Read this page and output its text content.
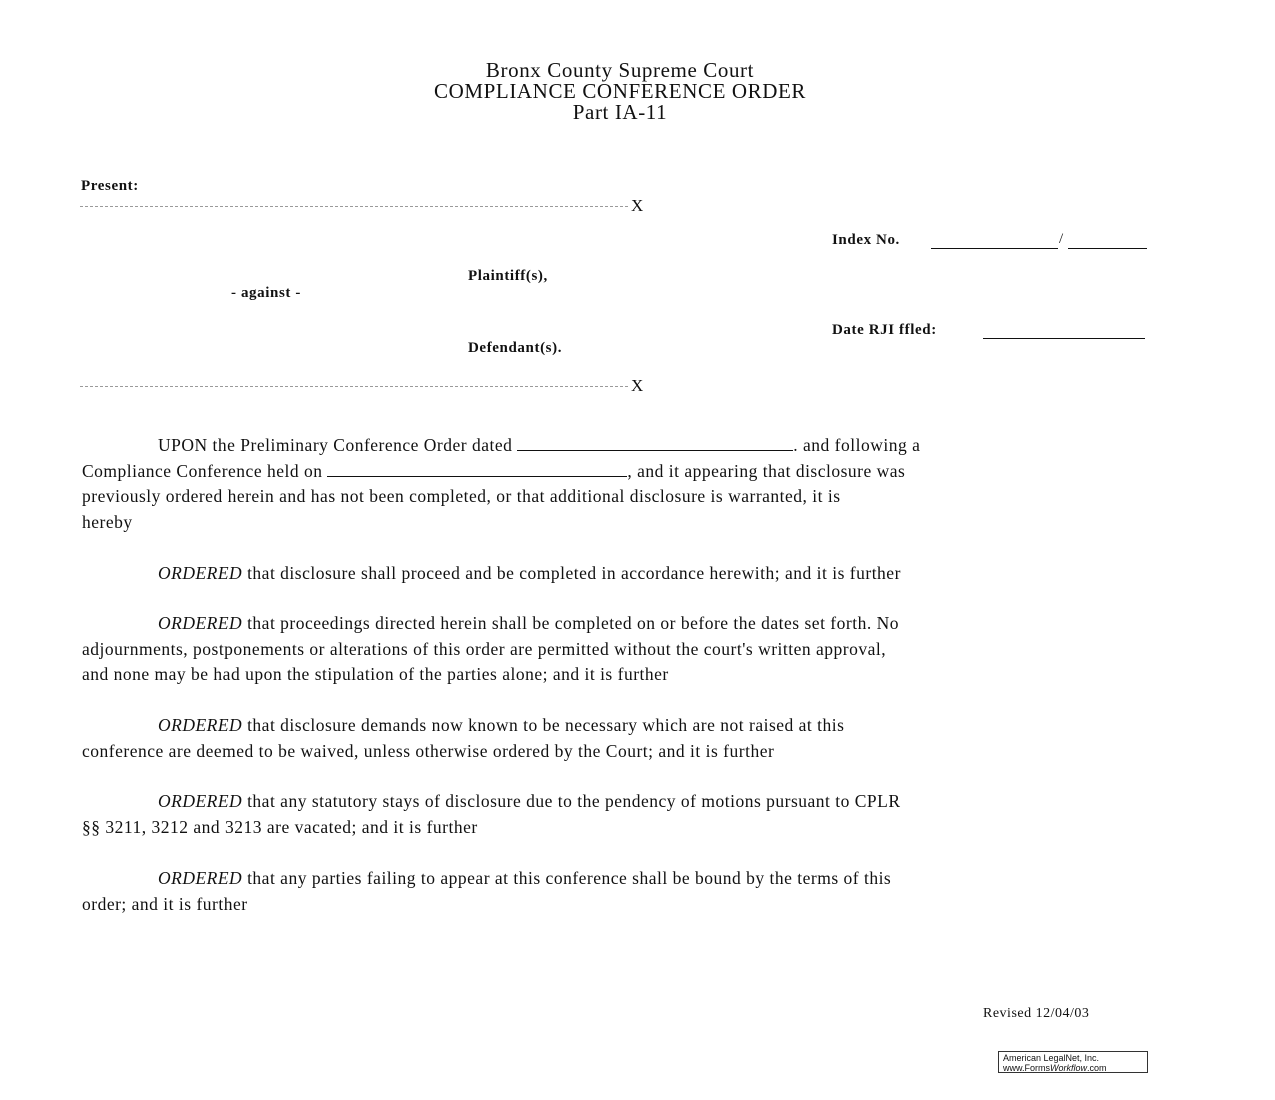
Bronx County Supreme Court
COMPLIANCE CONFERENCE ORDER
Part IA-11
Present:
X
Index No.	/
Plaintiff(s),
- against -
Date RJI ffled:
Defendant(s).
X
UPON the Preliminary Conference Order dated	. and following a
Compliance Conference held on	, and it appearing that disclosure was
previously ordered herein and has not been completed, or that additional disclosure is warranted, it is
hereby
ORDERED that disclosure shall proceed and be completed in accordance herewith; and it is further
ORDERED that proceedings directed herein shall be completed on or before the dates set forth. No
adjournments, postponements or alterations of this order are permitted without the court's written approval,
and none may be had upon the stipulation of the parties alone; and it is further
ORDERED that disclosure demands now known to be necessary which are not raised at this
conference are deemed to be waived, unless otherwise ordered by the Court; and it is further
ORDERED that any statutory stays of disclosure due to the pendency of motions pursuant to CPLR
§§ 3211, 3212 and 3213 are vacated; and it is further
ORDERED that any parties failing to appear at this conference shall be bound by the terms of this
order; and it is further
Revised 12/04/03
American LegalNet, Inc.
www.FormsWorkflow.com
